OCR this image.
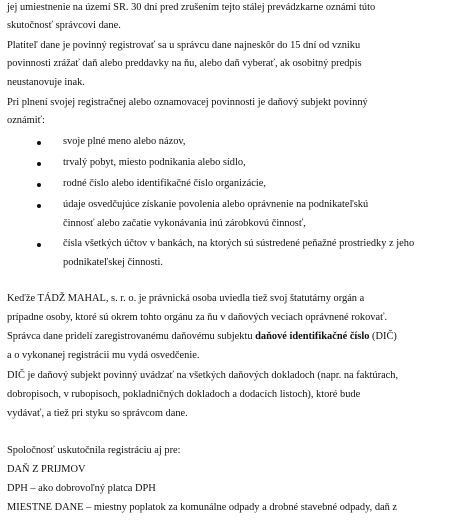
jej umiestnenie na území SR. 30 dní pred zrušením tejto stálej prevádzkarne oznámi túto
skutočnosť správcovi dane.
Platiteľ dane je povinný registrovať sa u správcu dane najneskôr do 15 dní od vzniku
povinnosti zrážať daň alebo preddavky na ňu, alebo daň vyberať, ak osobitný predpis
neustanovuje inak.
Pri plnení svojej registračnej alebo oznamovacej povinnosti je daňový subjekt povinný
oznámiť:
svoje plné meno alebo názov,
trvalý pobyt, miesto podnikania alebo sídlo,
rodné číslo alebo identifikačné číslo organizácie,
údaje osvedčujúce získanie povolenia alebo oprávnenie na podnikateľskú
činnosť alebo začatie vykonávania inú zárobkovú činnosť,
čísla všetkých účtov v bankách, na ktorých sú sústredené peňažné prostriedky z jeho
podnikateľskej činnosti.
Keďže TÁDŽ MAHAL, s. r. o. je právnická osoba uviedla tiež svoj štatutárny orgán a
prípadne osoby, ktoré sú okrem tohto orgánu za ňu v daňových veciach oprávnené rokovať.
Správca dane pridelí zaregistrovanému daňovému subjektu daňové identifikačné číslo (DIČ)
a o vykonanej registrácii mu vydá osvedčenie.
DIČ je daňový subjekt povinný uvádzať na všetkých daňových dokladoch (napr. na faktúrach,
dobropisoch, v rubopisoch, pokladničných dokladoch a dodacích listoch), ktoré bude
vydávať, a tiež pri styku so správcom dane.
Spoločnosť uskutočnila registráciu aj pre:
DAŇ Z PRIJMOV
DPH – ako dobrovoľný platca DPH
MIESTNE DANE – miestny poplatok za komunálne odpady a drobné stavebné odpady, daň z
